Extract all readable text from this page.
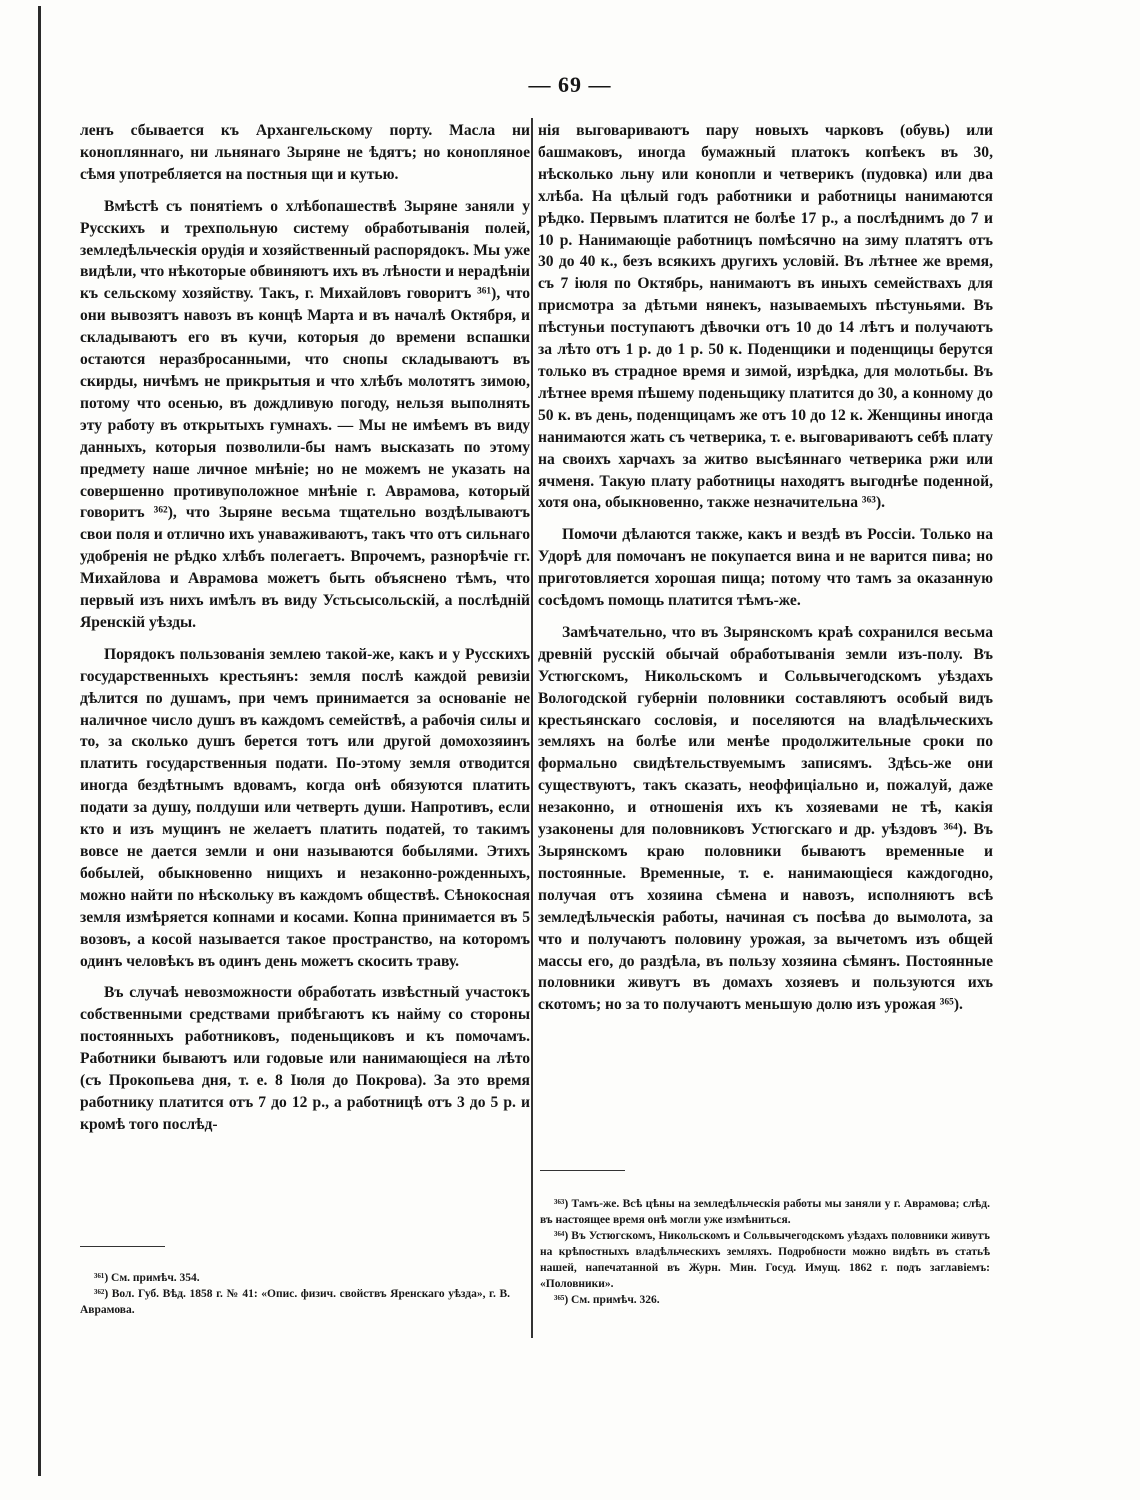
— 69 —

ленъ сбывается къ Архангельскому порту. Масла ни конопляннаго, ни льнянаго Зыряне не ѣдятъ; но конопляное сѣмя употребляется на постныя щи и кутью.

Вмѣстѣ съ понятіемъ о хлѣбопашествѣ Зыряне заняли у Русскихъ и трехпольную систему обработыванія полей, земледѣльческія орудія и хозяйственный распорядокъ. Мы уже видѣли, что нѣкоторые обвиняютъ ихъ въ лѣности и нерадѣніи къ сельскому хозяйству. Такъ, г. Михайловъ говоритъ ³⁶¹), что они вывозятъ навозъ въ концѣ Марта и въ началѣ Октября, и складываютъ его въ кучи, которыя до времени вспашки остаются неразбросанными, что снопы складываютъ въ скирды, ничѣмъ не прикрытыя и что хлѣбъ молотятъ зимою, потому что осенью, въ дождливую погоду, нельзя выполнять эту работу въ открытыхъ гумнахъ. — Мы не имѣемъ въ виду данныхъ, которыя позволили-бы намъ высказать по этому предмету наше личное мнѣніе; но не можемъ не указать на совершенно противуположное мнѣніе г. Аврамова, который говоритъ ³⁶²), что Зыряне весьма тщательно воздѣлываютъ свои поля и отлично ихъ унаваживаютъ, такъ что отъ сильнаго удобренія не рѣдко хлѣбъ полегаетъ. Впрочемъ, разнорѣчіе гг. Михайлова и Аврамова можетъ быть объяснено тѣмъ, что первый изъ нихъ имѣлъ въ виду Устьсысольскій, а послѣдній Яренскій уѣзды.

Порядокъ пользованія землею такой-же, какъ и у Русскихъ государственныхъ крестьянъ: земля послѣ каждой ревизіи дѣлится по душамъ, при чемъ принимается за основаніе не наличное число душъ въ каждомъ семействѣ, а рабочія силы и то, за сколько душъ берется тотъ или другой домохозяинъ платить государственныя подати. По-этому земля отводится иногда бездѣтнымъ вдовамъ, когда онѣ обязуются платить подати за душу, полдуши или четверть души. Напротивъ, если кто и изъ мущинъ не желаетъ платить податей, то такимъ вовсе не дается земли и они называются бобылями. Этихъ бобылей, обыкновенно нищихъ и незаконно-рожденныхъ, можно найти по нѣскольку въ каждомъ обществѣ. Сѣнокосная земля измѣряется копнами и косами. Копна принимается въ 5 возовъ, а косой называется такое пространство, на которомъ одинъ человѣкъ въ одинъ день можетъ скосить траву.

Въ случаѣ невозможности обработать извѣстный участокъ собственными средствами прибѣгаютъ къ найму со стороны постоянныхъ работниковъ, поденьщиковъ и къ помочамъ. Работники бываютъ или годовые или нанимающіеся на лѣто (съ Прокопьева дня, т. е. 8 Іюля до Покрова). За это время работнику платится отъ 7 до 12 р., а работницѣ отъ 3 до 5 р. и кромѣ того послѣд-

нія выговариваютъ пару новыхъ чарковъ (обувь) или башмаковъ, иногда бумажный платокъ копѣекъ въ 30, нѣсколько льну или конопли и четверикъ (пудовка) или два хлѣба. На цѣлый годъ работники и работницы нанимаются рѣдко. Первымъ платится не болѣе 17 р., а послѣднимъ до 7 и 10 р. Нанимающіе работницъ помѣсячно на зиму платятъ отъ 30 до 40 к., безъ всякихъ другихъ условій. Въ лѣтнее же время, съ 7 іюля по Октябрь, нанимаютъ въ иныхъ семействахъ для присмотра за дѣтьми нянекъ, называемыхъ пѣстуньями. Въ пѣстуньи поступаютъ дѣвочки отъ 10 до 14 лѣтъ и получаютъ за лѣто отъ 1 р. до 1 р. 50 к. Поденщики и поденщицы берутся только въ страдное время и зимой, изрѣдка, для молотьбы. Въ лѣтнее время пѣшему поденьщику платится до 30, а конному до 50 к. въ день, поденщицамъ же отъ 10 до 12 к. Женщины иногда нанимаются жать съ четверика, т. е. выговариваютъ себѣ плату на своихъ харчахъ за житво высѣяннаго четверика ржи или ячменя. Такую плату работницы находятъ выгоднѣе поденной, хотя она, обыкновенно, также незначительна ³⁶³).

Помочи дѣлаются также, какъ и вездѣ въ Россіи. Только на Удорѣ для помочанъ не покупается вина и не варится пива; но приготовляется хорошая пища; потому что тамъ за оказанную сосѣдомъ помощь платится тѣмъ-же.

Замѣчательно, что въ Зырянскомъ краѣ сохранился весьма древній русскій обычай обработыванія земли изъ-полу. Въ Устюгскомъ, Никольскомъ и Сольвычегодскомъ уѣздахъ Вологодской губерніи половники составляютъ особый видъ крестьянскаго сословія, и поселяются на владѣльческихъ земляхъ на болѣе или менѣе продолжительные сроки по формально свидѣтельствуемымъ записямъ. Здѣсь-же они существуютъ, такъ сказать, неоффиціально и, пожалуй, даже незаконно, и отношенія ихъ къ хозяевами не тѣ, какія узаконены для половниковъ Устюгскаго и др. уѣздовъ ³⁶⁴). Въ Зырянскомъ краю половники бываютъ временные и постоянные. Временные, т. е. нанимающіеся каждогодно, получая отъ хозяина сѣмена и навозъ, исполняютъ всѣ земледѣльческія работы, начиная съ посѣва до вымолота, за что и получаютъ половину урожая, за вычетомъ изъ общей массы его, до раздѣла, въ пользу хозяина сѣмянъ. Постоянные половники живутъ въ домахъ хозяевъ и пользуются ихъ скотомъ; но за то получаютъ меньшую долю изъ урожая ³⁶⁵).

³⁶¹) См. примѣч. 354.

³⁶²) Вол. Губ. Вѣд. 1858 г. № 41: «Опис. физич. свойствъ Яренскаго уѣзда», г. В. Аврамова.

³⁶³) Тамъ-же. Всѣ цѣны на земледѣльческія работы мы заняли у г. Аврамова; слѣд. въ настоящее время онѣ могли уже измѣниться.

³⁶⁴) Въ Устюгскомъ, Никольскомъ и Сольвычегодскомъ уѣздахъ половники живутъ на крѣпостныхъ владѣльческихъ земляхъ. Подробности можно видѣть въ статьѣ нашей, напечатанной въ Журн. Мин. Госуд. Имущ. 1862 г. подъ заглавіемъ: «Половники».

³⁶⁵) См. примѣч. 326.
